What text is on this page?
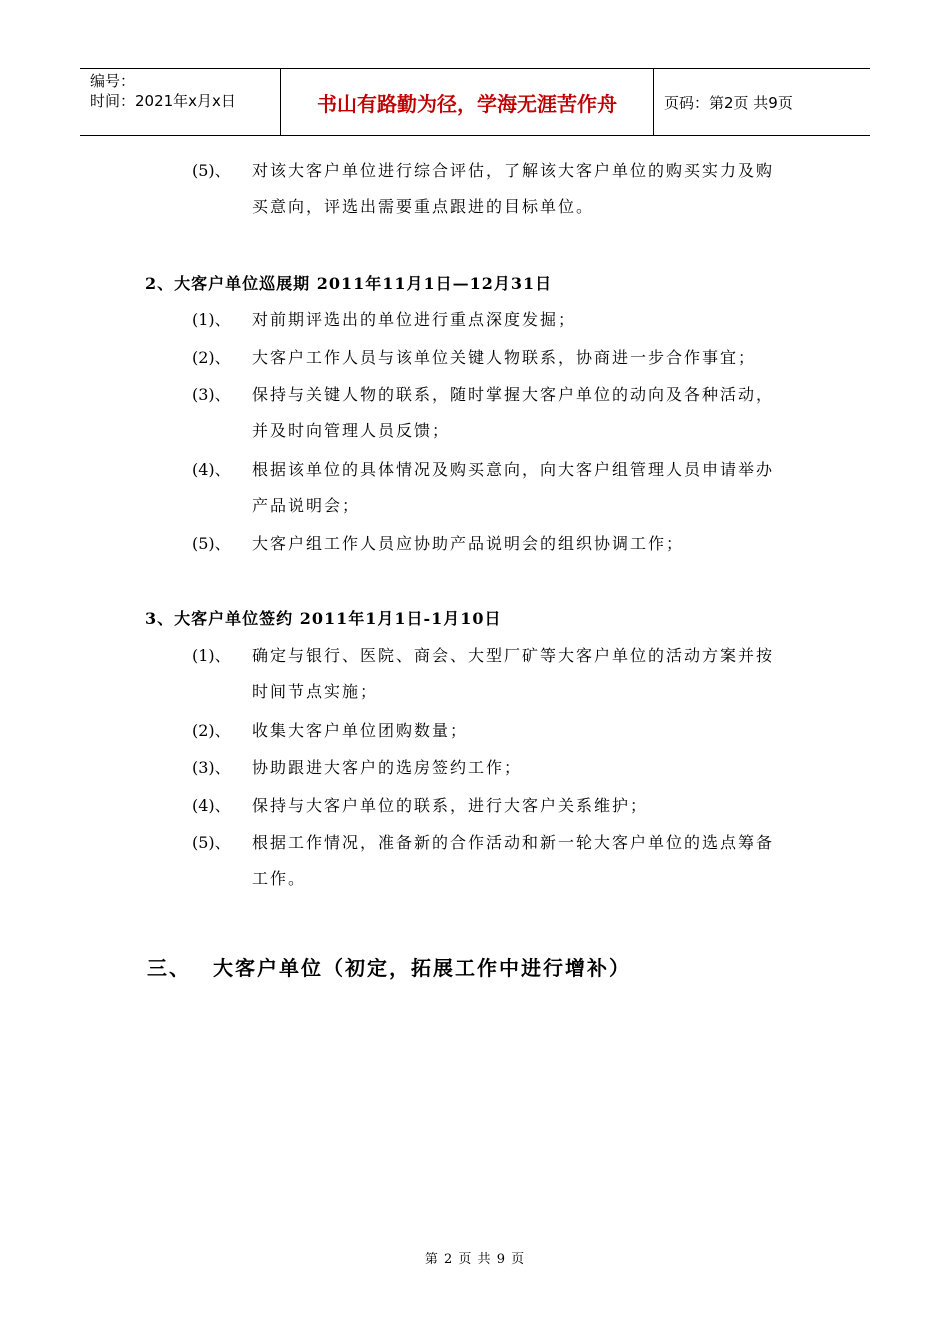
编号：
时间：2021年x月x日	书山有路勤为径，学海无涯苦作舟	页码：第2页 共9页
(5)、 对该大客户单位进行综合评估，了解该大客户单位的购买实力及购
买意向，评选出需要重点跟进的目标单位。
2、大客户单位巡展期 2011年11月1日—12月31日
(1)、 对前期评选出的单位进行重点深度发掘；
(2)、 大客户工作人员与该单位关键人物联系，协商进一步合作事宜；
(3)、 保持与关键人物的联系，随时掌握大客户单位的动向及各种活动，
并及时向管理人员反馈；
(4)、 根据该单位的具体情况及购买意向，向大客户组管理人员申请举办
产品说明会；
(5)、 大客户组工作人员应协助产品说明会的组织协调工作；
3、大客户单位签约 2011年1月1日-1月10日
(1)、 确定与银行、医院、商会、大型厂矿等大客户单位的活动方案并按
时间节点实施；
(2)、 收集大客户单位团购数量；
(3)、 协助跟进大客户的选房签约工作；
(4)、 保持与大客户单位的联系，进行大客户关系维护；
(5)、 根据工作情况，准备新的合作活动和新一轮大客户单位的选点筹备
工作。
三、 大客户单位（初定，拓展工作中进行增补）
第 2 页 共 9 页
